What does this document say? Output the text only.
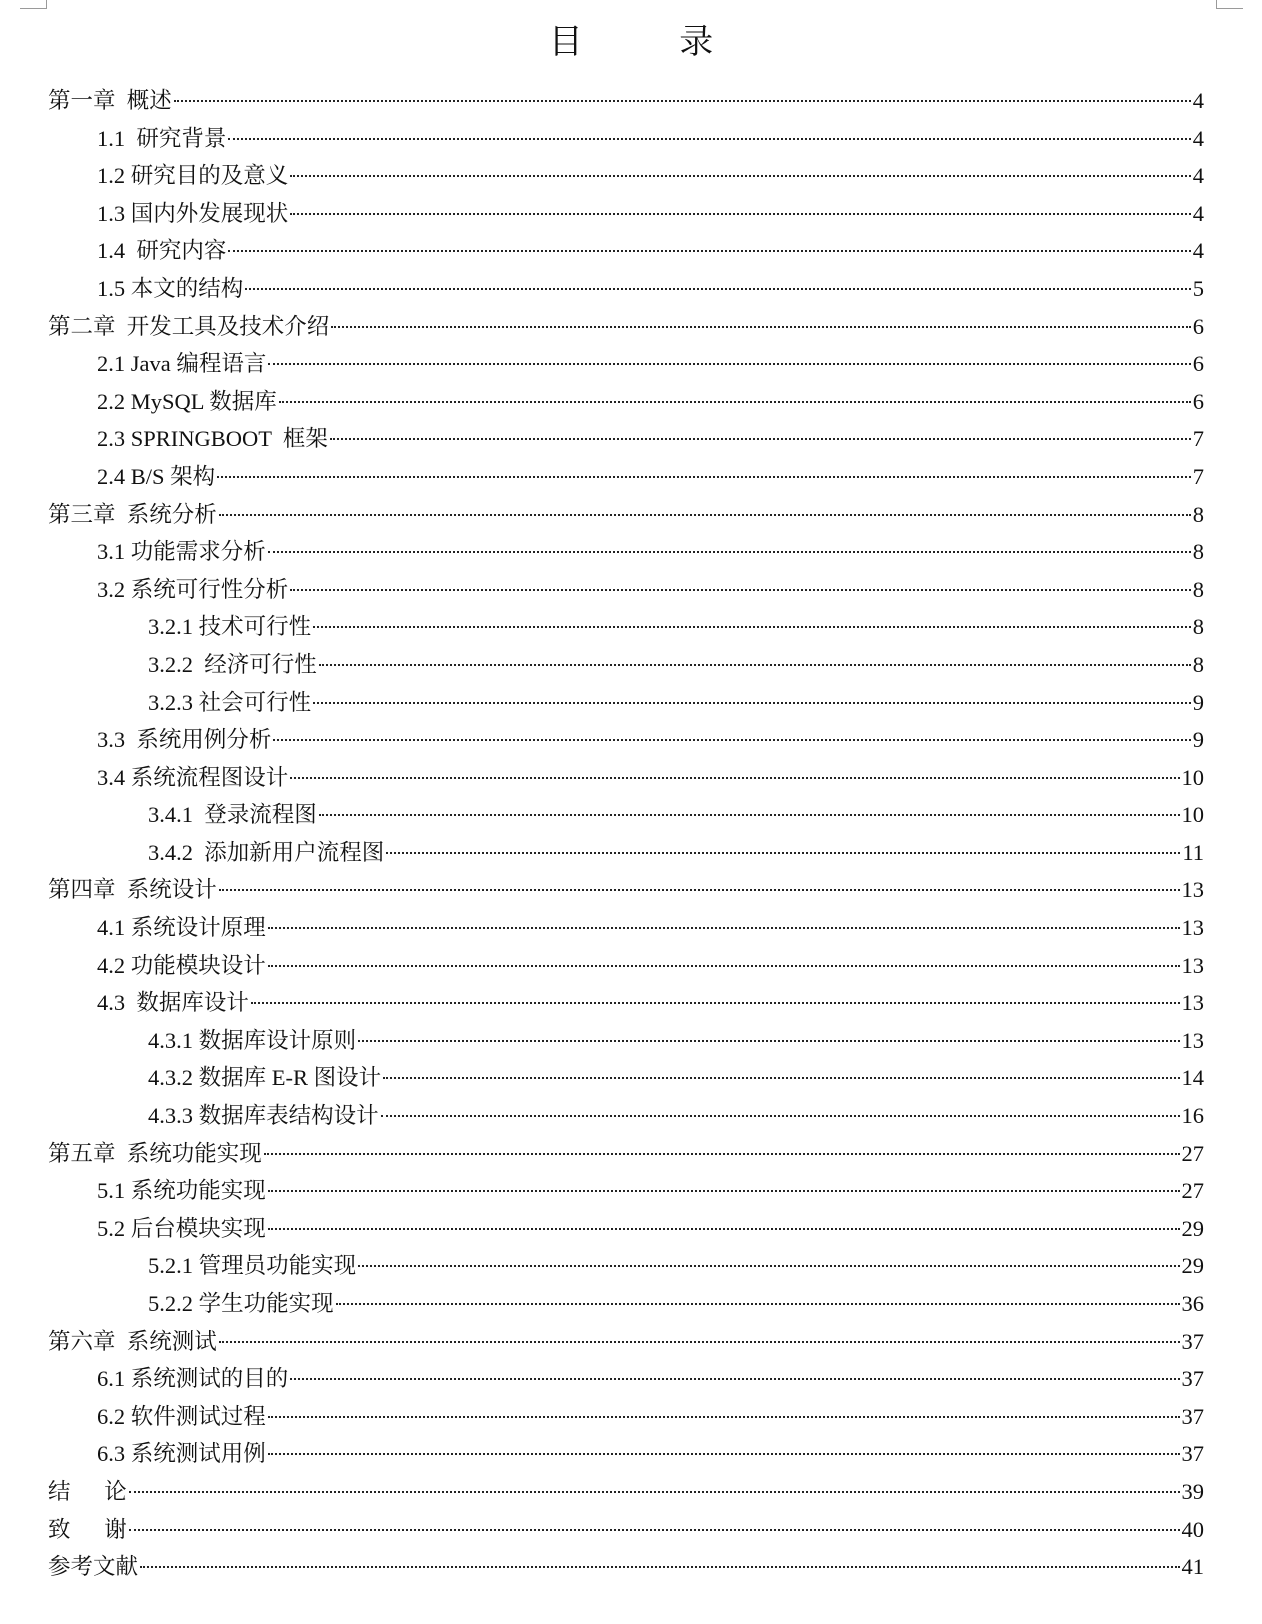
目 录
第一章  概述	4
1.1  研究背景	4
1.2 研究目的及意义	4
1.3 国内外发展现状	4
1.4  研究内容	4
1.5 本文的结构	5
第二章  开发工具及技术介绍	6
2.1 Java 编程语言	6
2.2 MySQL 数据库	6
2.3 SPRINGBOOT  框架	7
2.4 B/S 架构	7
第三章  系统分析	8
3.1 功能需求分析	8
3.2 系统可行性分析	8
3.2.1 技术可行性	8
3.2.2  经济可行性	8
3.2.3 社会可行性	9
3.3  系统用例分析	9
3.4 系统流程图设计	10
3.4.1  登录流程图	10
3.4.2  添加新用户流程图	11
第四章  系统设计	13
4.1 系统设计原理	13
4.2 功能模块设计	13
4.3  数据库设计	13
4.3.1 数据库设计原则	13
4.3.2 数据库 E-R 图设计	14
4.3.3 数据库表结构设计	16
第五章  系统功能实现	27
5.1 系统功能实现	27
5.2 后台模块实现	29
5.2.1 管理员功能实现	29
5.2.2 学生功能实现	36
第六章  系统测试	37
6.1 系统测试的目的	37
6.2 软件测试过程	37
6.3 系统测试用例	37
结      论	39
致      谢	40
参考文献	41
